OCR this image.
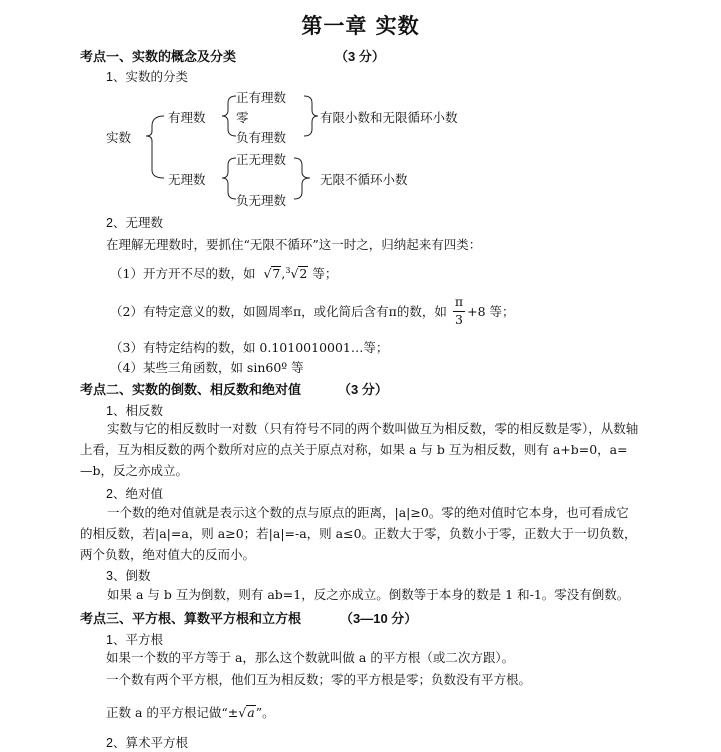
第一章 实数
考点一、实数的概念及分类	（3 分）
1、实数的分类
实数
有理数
无理数
正有理数
零
负有理数
正无理数
负无理数
有限小数和无限循环小数
无限不循环小数
2、无理数
在理解无理数时，要抓住“无限不循环”这一时之，归纳起来有四类：
（1）开方开不尽的数，如 √7,$^3$√2 等；
（2）有特定意义的数，如圆周率π，或化简后含有π的数，如 $\frac{\pi}{3} +8$ 等；
（3）有特定结构的数，如 0.1010010001…等；
（4）某些三角函数，如 sin60º 等
考点二、实数的倒数、相反数和绝对值	（3 分）
1、相反数
实数与它的相反数时一对数（只有符号不同的两个数叫做互为相反数，零的相反数是零），从数轴上看，互为相反数的两个数所对应的点关于原点对称，如果 a 与 b 互为相反数，则有 a+b=0，a=—b，反之亦成立。
2、绝对值
一个数的绝对值就是表示这个数的点与原点的距离，|a|≥0。零的绝对值时它本身，也可看成它的相反数，若|a|=a，则 a≥0；若|a|=-a，则 a≤0。正数大于零，负数小于零，正数大于一切负数，两个负数，绝对值大的反而小。
3、倒数
如果 a 与 b 互为倒数，则有 ab=1，反之亦成立。倒数等于本身的数是 1 和-1。零没有倒数。
考点三、平方根、算数平方根和立方根	（3—10 分）
1、平方根
如果一个数的平方等于 a，那么这个数就叫做 a 的平方根（或二次方跟）。
一个数有两个平方根，他们互为相反数；零的平方根是零；负数没有平方根。
正数 a 的平方根记做“±√a”。
2、算术平方根
